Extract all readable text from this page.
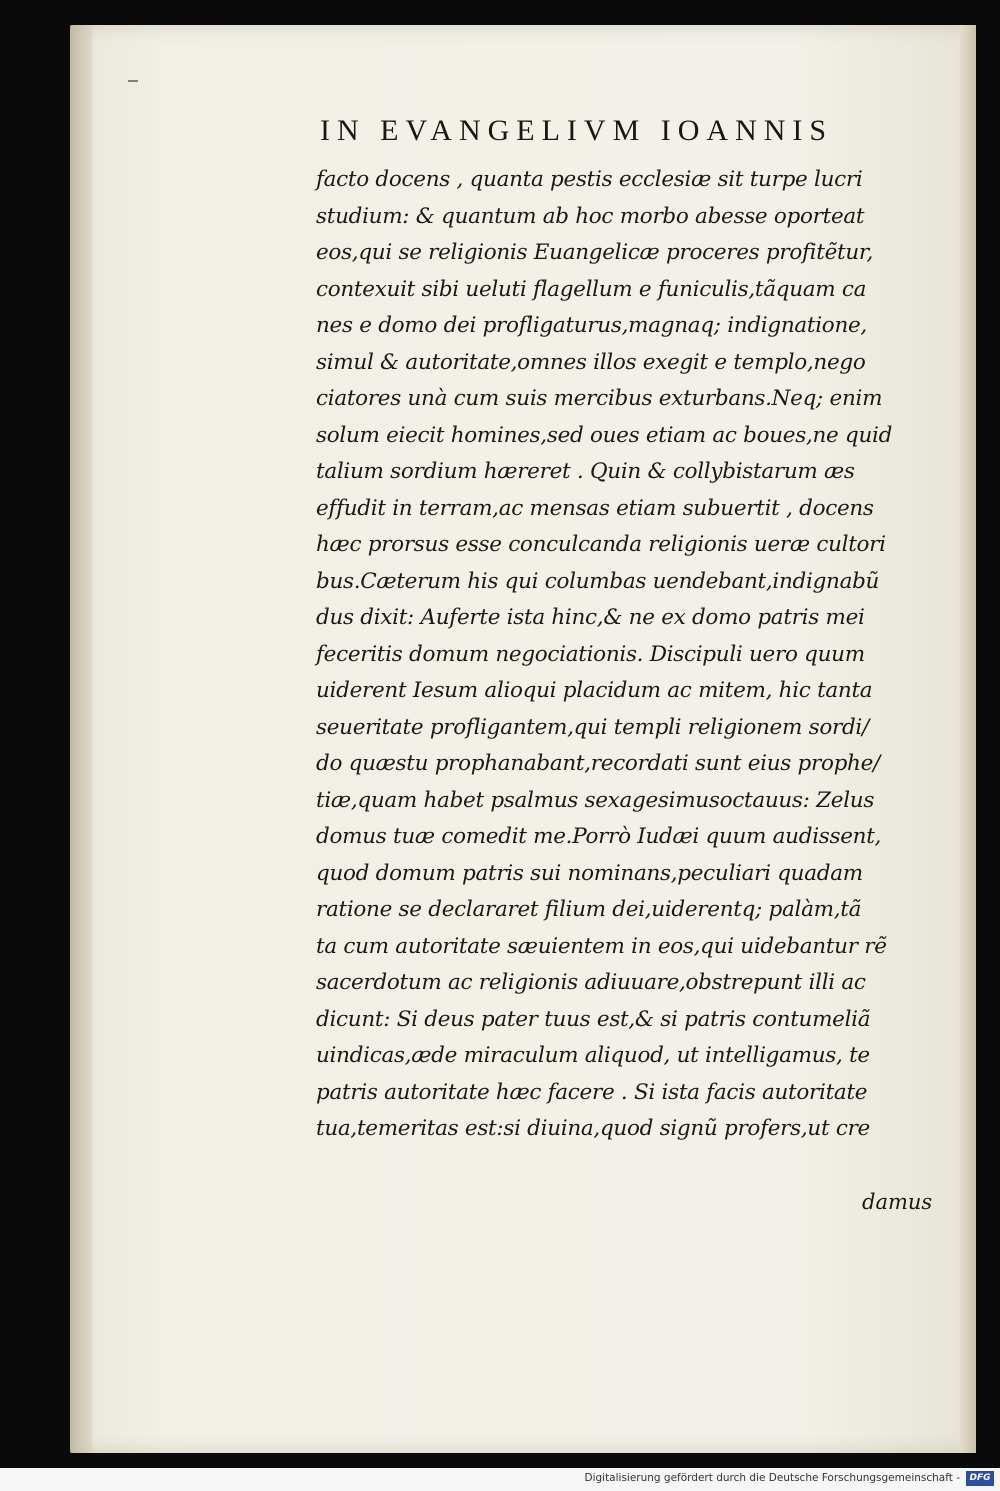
IN EVANGELIVM IOANNIS
facto docens , quanta pestis ecclesiæ sit turpe lucri
studium: & quantum ab hoc morbo abesse oporteat
eos,qui se religionis Euangelicæ proceres profitẽtur,
contexuit sibi ueluti flagellum e funiculis,tãquam ca
nes e domo dei profligaturus,magnaq; indignatione,
simul & autoritate,omnes illos exegit e templo,nego
ciatores unà cum suis mercibus exturbans.Neq; enim
solum eiecit homines,sed oues etiam ac boues,ne quid
talium sordium hæreret . Quin & collybistarum æs
effudit in terram,ac mensas etiam subuertit , docens
hæc prorsus esse conculcanda religionis ueræ cultori
bus.Cæterum his qui columbas uendebant,indignabũ
dus dixit: Auferte ista hinc,& ne ex domo patris mei
feceritis domum negociationis. Discipuli uero quum
uiderent Iesum alioqui placidum ac mitem, hic tanta
seueritate profligantem,qui templi religionem sordi/
do quæstu prophanabant,recordati sunt eius prophe/
tiæ,quam habet psalmus sexagesimusoctauus: Zelus
domus tuæ comedit me.Porrò Iudæi quum audissent,
quod domum patris sui nominans,peculiari quadam
ratione se declararet filium dei,uiderentq; palàm,tã
ta cum autoritate sæuientem in eos,qui uidebantur rẽ
sacerdotum ac religionis adiuuare,obstrepunt illi ac
dicunt: Si deus pater tuus est,& si patris contumeliã
uindicas,æde miraculum aliquod, ut intelligamus, te
patris autoritate hæc facere . Si ista facis autoritate
tua,temeritas est:si diuina,quod signũ profers,ut cre
damus
Digitalisierung gefördert durch die Deutsche Forschungsgemeinschaft -	DFG
